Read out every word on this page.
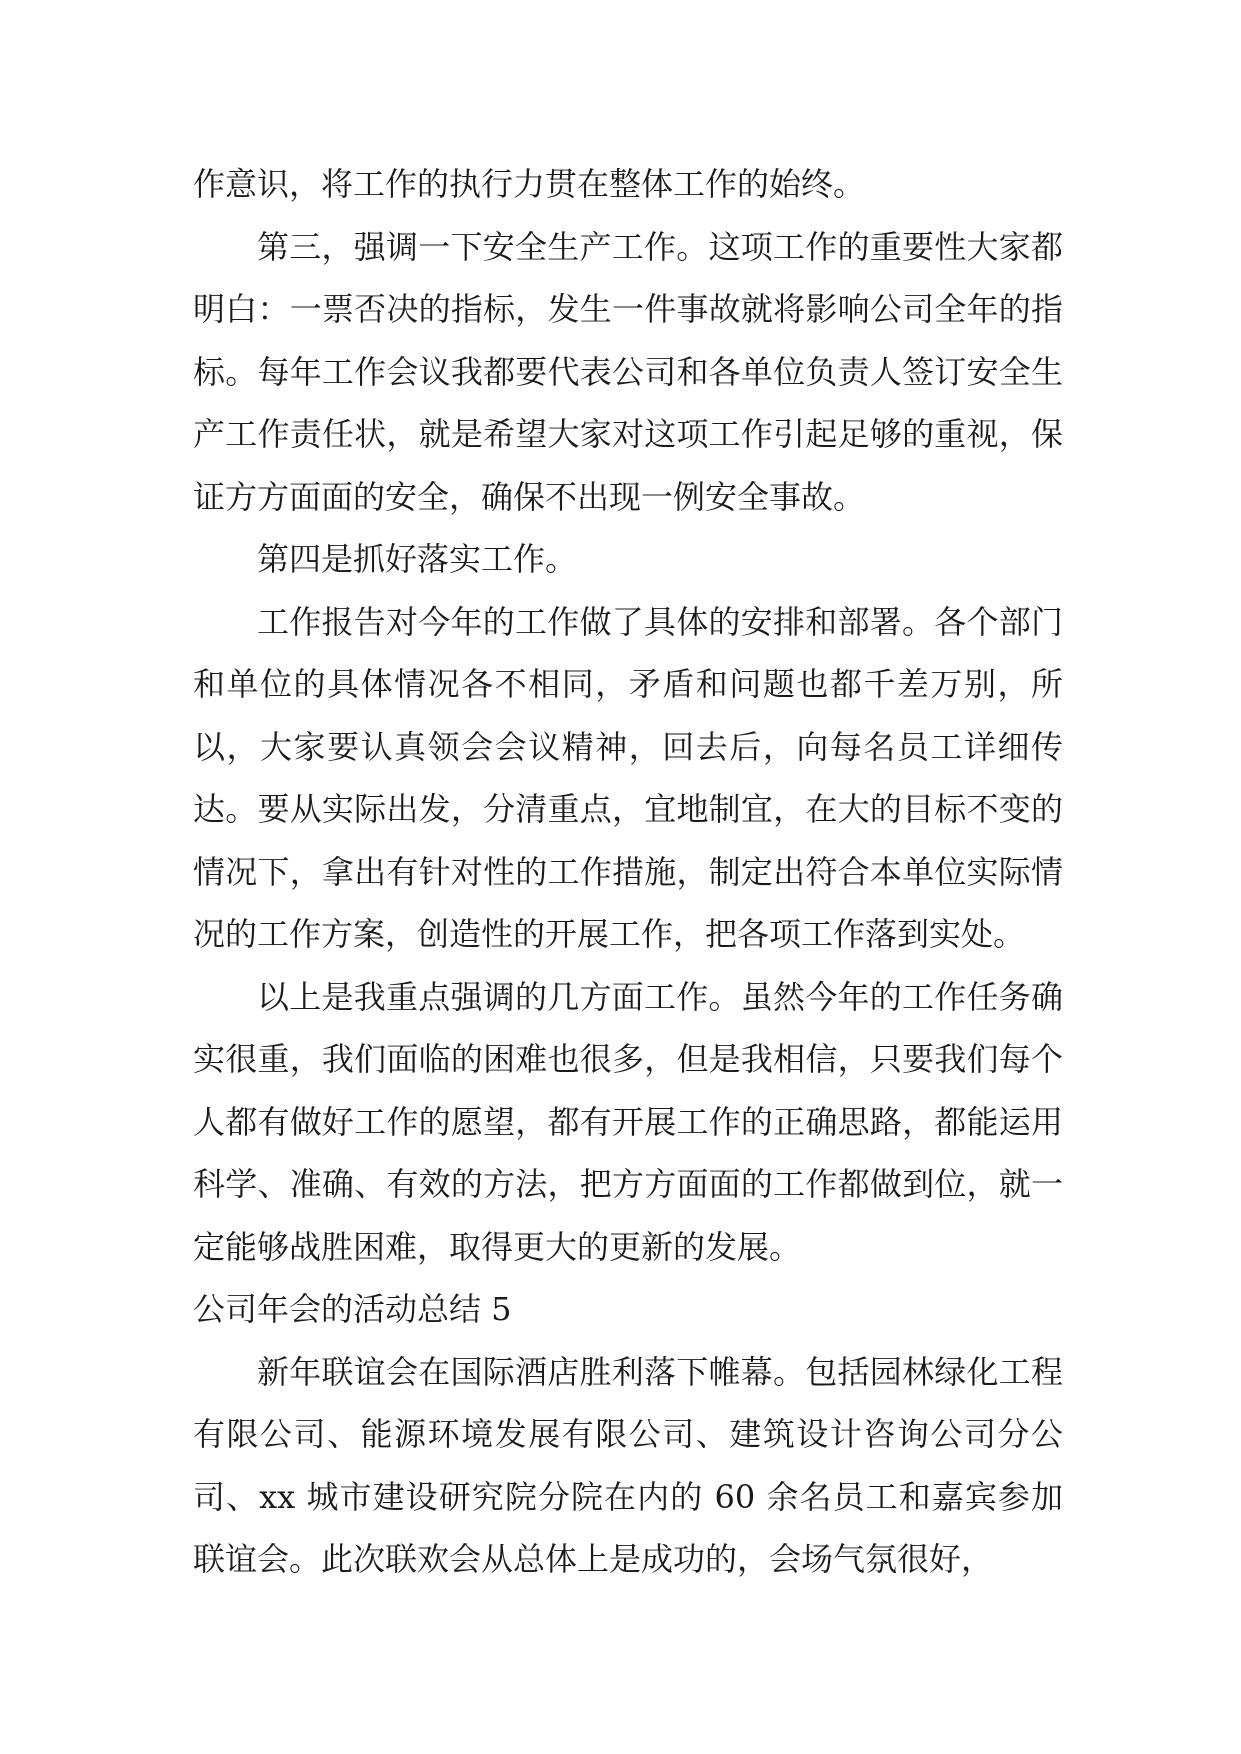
作意识，将工作的执行力贯在整体工作的始终。

第三，强调一下安全生产工作。这项工作的重要性大家都明白：一票否决的指标，发生一件事故就将影响公司全年的指标。每年工作会议我都要代表公司和各单位负责人签订安全生产工作责任状，就是希望大家对这项工作引起足够的重视，保证方方面面的安全，确保不出现一例安全事故。

第四是抓好落实工作。

工作报告对今年的工作做了具体的安排和部署。各个部门和单位的具体情况各不相同，矛盾和问题也都千差万别，所以，大家要认真领会会议精神，回去后，向每名员工详细传达。要从实际出发，分清重点，宜地制宜，在大的目标不变的情况下，拿出有针对性的工作措施，制定出符合本单位实际情况的工作方案，创造性的开展工作，把各项工作落到实处。

以上是我重点强调的几方面工作。虽然今年的工作任务确实很重，我们面临的困难也很多，但是我相信，只要我们每个人都有做好工作的愿望，都有开展工作的正确思路，都能运用科学、准确、有效的方法，把方方面面的工作都做到位，就一定能够战胜困难，取得更大的更新的发展。

公司年会的活动总结 5

新年联谊会在国际酒店胜利落下帷幕。包括园林绿化工程有限公司、能源环境发展有限公司、建筑设计咨询公司分公司、xx 城市建设研究院分院在内的 60 余名员工和嘉宾参加联谊会。此次联欢会从总体上是成功的，会场气氛很好，
